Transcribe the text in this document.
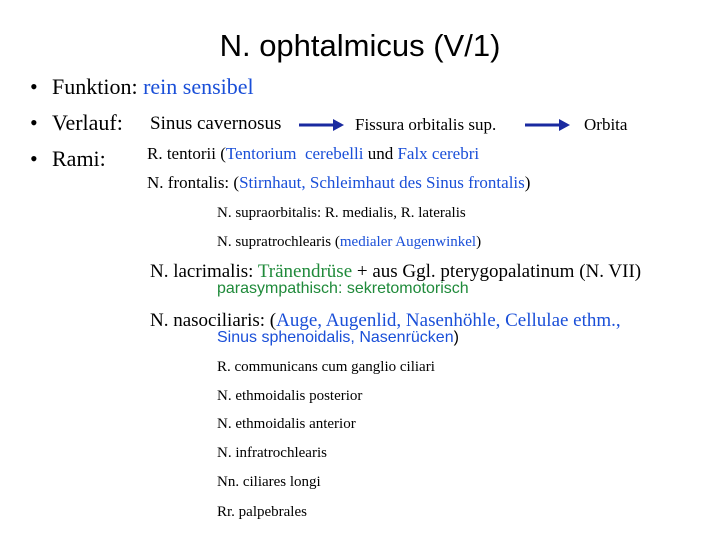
N. ophtalmicus (V/1)
• Funktion: rein sensibel
• Verlauf: Sinus cavernosus	Fissura orbitalis sup.	Orbita
• Rami: R. tentorii (Tentorium cerebelli und Falx cerebri
N. frontalis: (Stirnhaut, Schleimhaut des Sinus frontalis)
N. supraorbitalis: R. medialis, R. lateralis
N. supratrochlearis (medialer Augenwinkel)
N. lacrimalis: Tränendrüse + aus Ggl. pterygopalatinum (N. VII)
parasympathisch: sekretomotorisch
N. nasociliaris: (Auge, Augenlid, Nasenhöhle, Cellulae ethm.,
Sinus sphenoidalis, Nasenrücken)
R. communicans cum ganglio ciliari
N. ethmoidalis posterior
N. ethmoidalis anterior
N. infratrochlearis
Nn. ciliares longi
Rr. palpebrales
